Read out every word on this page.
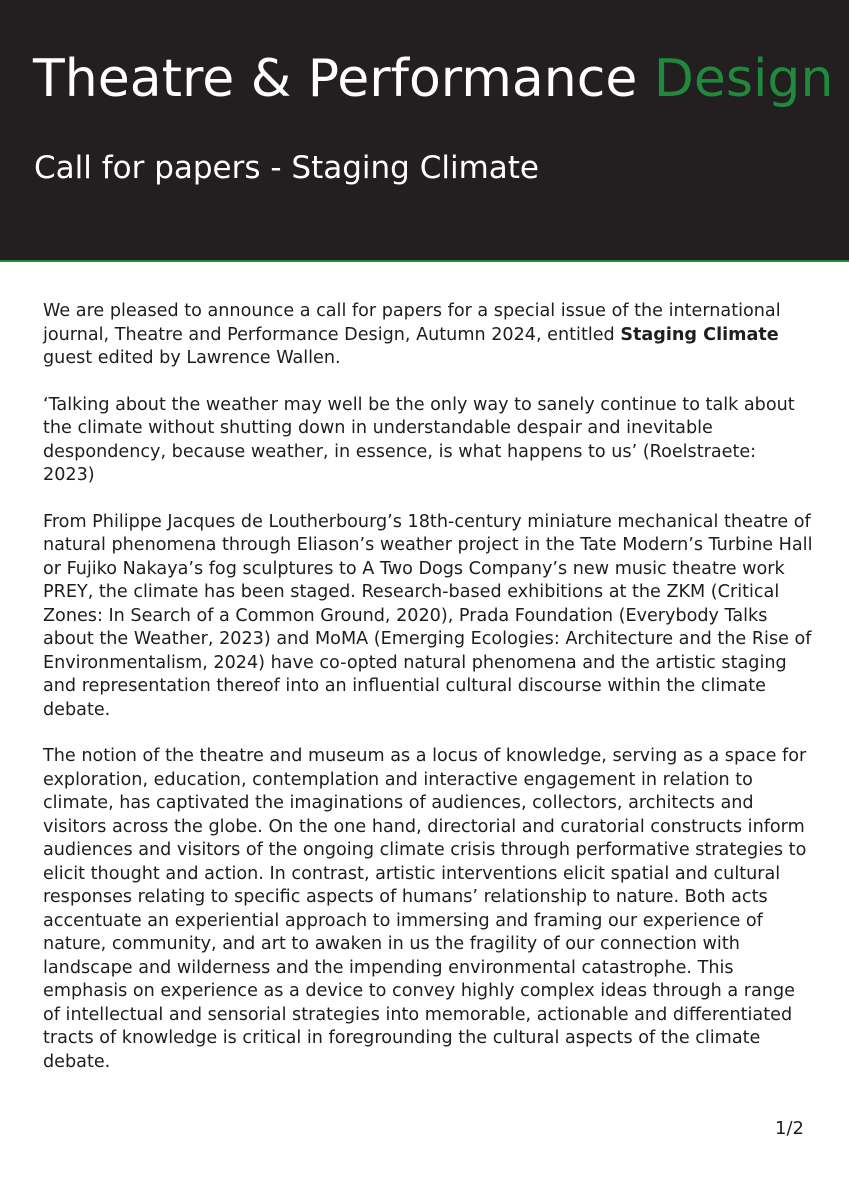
Theatre & Performance Design
Call for papers - Staging Climate

We are pleased to announce a call for papers for a special issue of the international journal, Theatre and Performance Design, Autumn 2024, entitled Staging Climate guest edited by Lawrence Wallen.

‘Talking about the weather may well be the only way to sanely continue to talk about the climate without shutting down in understandable despair and inevitable despondency, because weather, in essence, is what happens to us’ (Roelstraete: 2023)

From Philippe Jacques de Loutherbourg’s 18th-century miniature mechanical theatre of natural phenomena through Eliason’s weather project in the Tate Modern’s Turbine Hall or Fujiko Nakaya’s fog sculptures to A Two Dogs Company’s new music theatre work PREY, the climate has been staged. Research-based exhibitions at the ZKM (Critical Zones: In Search of a Common Ground, 2020), Prada Foundation (Everybody Talks about the Weather, 2023) and MoMA (Emerging Ecologies: Architecture and the Rise of Environmentalism, 2024) have co-opted natural phenomena and the artistic staging and representation thereof into an influential cultural discourse within the climate debate.

The notion of the theatre and museum as a locus of knowledge, serving as a space for exploration, education, contemplation and interactive engagement in relation to climate, has captivated the imaginations of audiences, collectors, architects and visitors across the globe. On the one hand, directorial and curatorial constructs inform audiences and visitors of the ongoing climate crisis through performative strategies to elicit thought and action. In contrast, artistic interventions elicit spatial and cultural responses relating to specific aspects of humans’ relationship to nature. Both acts accentuate an experiential approach to immersing and framing our experience of nature, community, and art to awaken in us the fragility of our connection with landscape and wilderness and the impending environmental catastrophe. This emphasis on experience as a device to convey highly complex ideas through a range of intellectual and sensorial strategies into memorable, actionable and differentiated tracts of knowledge is critical in foregrounding the cultural aspects of the climate debate.

1/2
